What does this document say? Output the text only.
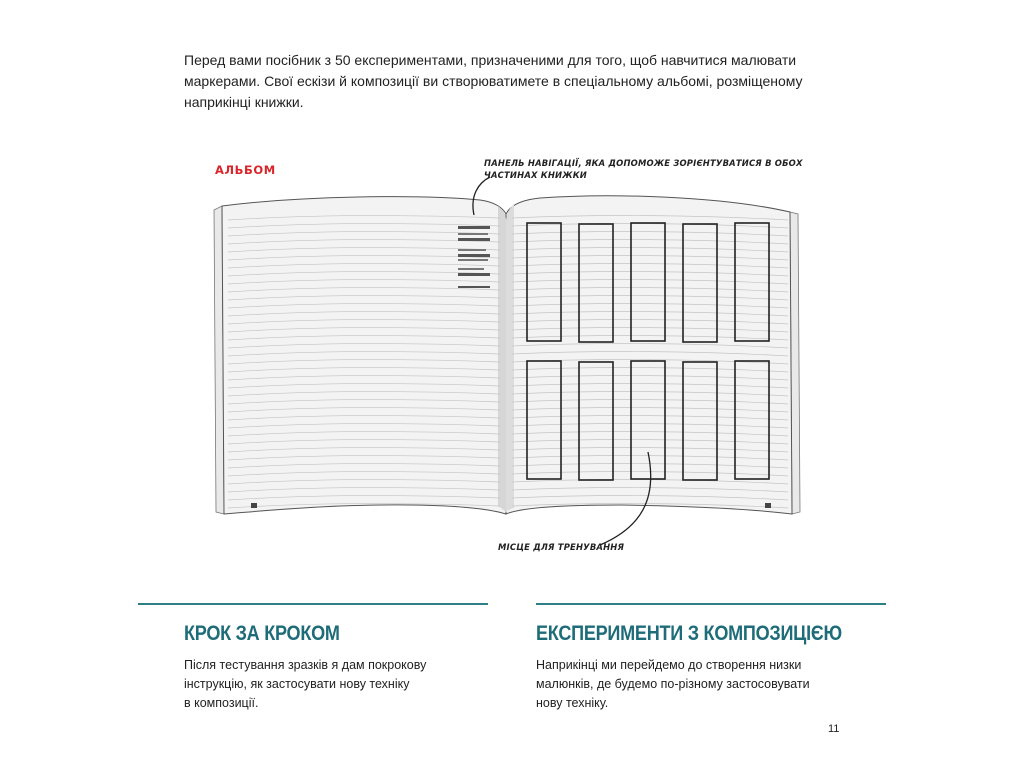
Перед вами посібник з 50 експериментами, призначеними для того, щоб навчитися малювати
маркерами. Свої ескізи й композиції ви створюватимете в спеціальному альбомі, розміщеному
наприкінці книжки.

АЛЬБОМ	ПАНЕЛЬ НАВІГАЦІЇ, ЯКА ДОПОМОЖЕ ЗОРІЄНТУВАТИСЯ В ОБОХ
ЧАСТИНАХ КНИЖКИ
МІСЦЕ ДЛЯ ТРЕНУВАННЯ
КРОК ЗА КРОКОМ	ЕКСПЕРИМЕНТИ З КОМПОЗИЦІЄЮ

Після тестування зразків я дам покрокову
інструкцію, як застосувати нову техніку
в композиції.

Наприкінці ми перейдемо до створення низки
малюнків, де будемо по-різному застосовувати
нову техніку.

11
